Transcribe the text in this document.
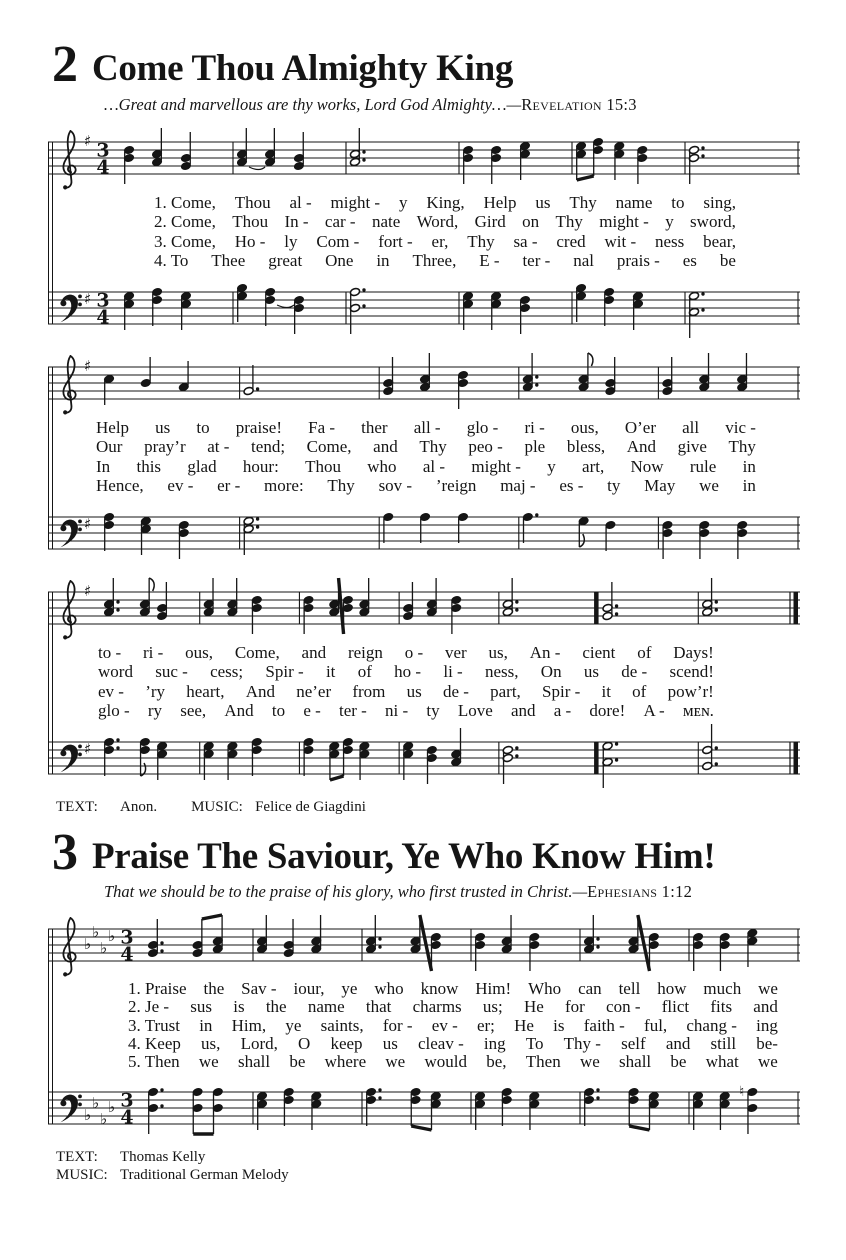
2 Come Thou Almighty King

…Great and marvellous are thy works, Lord God Almighty…—Revelation 15:3

♯ 3
4
1. Come, Thou al - might - y King, Help us Thy name to sing,
2. Come, Thou In - car - nate Word, Gird on Thy might - y sword,
3. Come, Ho - ly Com - fort - er, Thy sa - cred wit - ness bear,
4. To Thee great One in Three, E - ter - nal prais - es be
♯ 3
4
♯
Help us to praise! Fa - ther all - glo - ri - ous, O’er all vic -
Our pray’r at - tend; Come, and Thy peo - ple bless, And give Thy
In this glad hour: Thou who al - might - y art, Now rule in
Hence, ev - er - more: Thy sov - ’reign maj - es - ty May we in
♯
♯
to - ri - ous, Come, and reign o - ver us, An - cient of Days!
word suc - cess; Spir - it of ho - li - ness, On us de - scend!
ev - ’ry heart, And ne’er from us de - part, Spir - it of pow’r!
glo - ry see, And to e - ter - ni - ty Love and a - dore! A - ᴍᴇɴ.
♯

TEXT:	Anon. MUSIC: Felice de Giagdini

3 Praise The Saviour, Ye Who Know Him!

That we should be to the praise of his glory, who first trusted in Christ.—Ephesians 1:12

♭
♭
♭
♭ 3
4
1. Praise the Sav - iour, ye who know Him! Who can tell how much we
2. Je - sus is the name that charms us; He for con - flict fits and
3. Trust in Him, ye saints, for - ev - er; He is faith - ful, chang - ing
4. Keep us, Lord, O keep us cleav - ing To Thy - self and still be-
5. Then we shall be where we would be, Then we shall be what we
♭
♭
♭
♭ 3
4
♮

TEXT:	Thomas Kelly
MUSIC: Traditional German Melody
